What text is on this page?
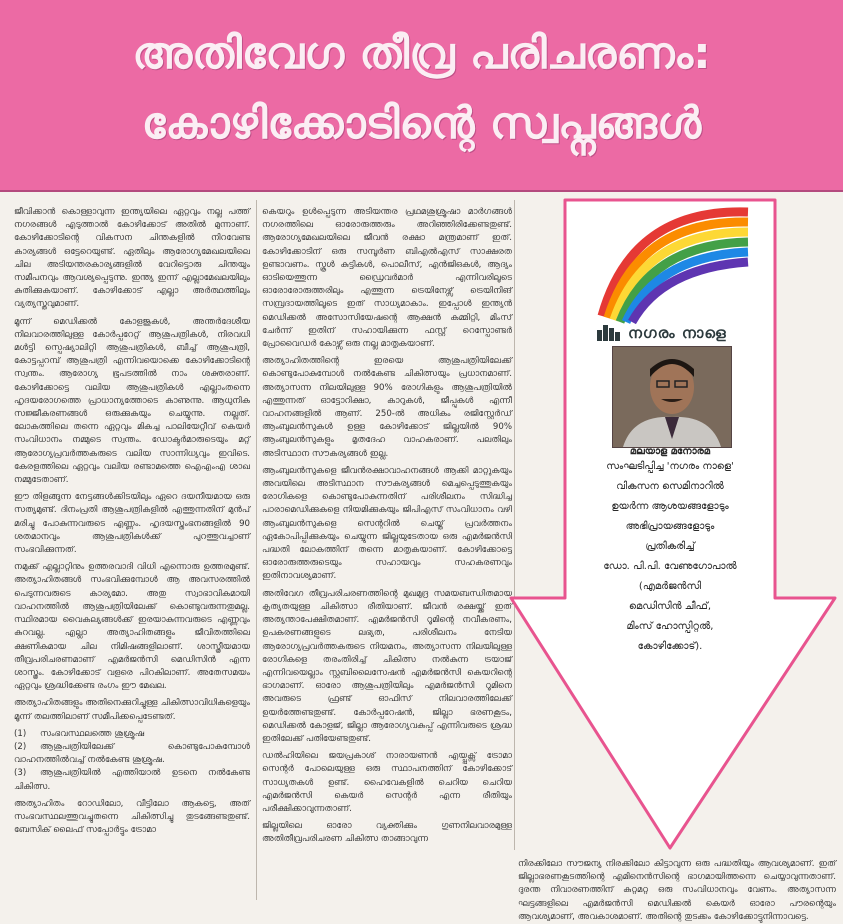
അതിവേഗ തീവ്ര പരിചരണം:
കോഴിക്കോടിന്റെ സ്വപ്നങ്ങൾ

ജീവിക്കാൻ കൊള്ളാവുന്ന ഇന്ത്യയിലെ ഏറ്റവും നല്ല പത്ത് നഗരങ്ങൾ എടുത്താൽ കോഴിക്കോട് അതിൽ മുന്നാണ്. കോഴിക്കോടിന്റെ വികസന ചിന്തകളിൽ നിറവേണ്ട കാര്യങ്ങൾ ഒട്ടേറെയുണ്ട്. ഏതിലും ആരോഗ്യമേഖലയിലെ ചില അടിയന്തരകാര്യങ്ങളിൽ വേറിട്ടൊരു ചിന്തയും സമീപനവും ആവശ്യപ്പെടുന്നു. ഇന്ത്യ ഇന്ന് എല്ലാമേഖലയിലും കുതിക്കുകയാണ്. കോഴിക്കോട് എല്ലാ അർത്ഥത്തിലും വ്യത്യസ്തവുമാണ്.

മൂന്ന് മെഡിക്കൽ കോളജുകൾ, അന്തർദേശീയ നിലവാരത്തിലുള്ള കോർപ്പറേറ്റ് ആശുപത്രികൾ, നിരവധി മൾട്ടി സ്പെഷ്യാലിറ്റി ആശുപത്രികൾ, ബീച്ച് ആശുപത്രി, കോട്ടപ്പറമ്പ് ആശുപത്രി എന്നിവയൊക്കെ കോഴിക്കോടിന്റെ സ്വന്തം. ആരോഗ്യ ഭൂപടത്തിൽ നാം ശക്തരാണ്. കോഴിക്കോട്ടെ വലിയ ആശുപത്രികൾ എല്ലാംതന്നെ ഹൃദയരോഗത്തെ പ്രാധാന്യത്തോടെ കാണുന്നു. ആധുനിക സജ്ജീകരണങ്ങൾ ഒരുക്കുകയും ചെയ്യുന്നു. നല്ലത്. ലോകത്തിലെ തന്നെ ഏറ്റവും മികച്ച പാലിയേറ്റീവ് കെയർ സംവിധാനം നമ്മുടെ സ്വന്തം. ഡോക്ടർമാരുടെയും മറ്റ് ആരോഗ്യപ്രവർത്തകരുടെ വലിയ സാന്നിധ്യവും ഇവിടെ. കേരളത്തിലെ ഏറ്റവും വലിയ രണ്ടാമത്തെ ഐഎംഎ ശാഖ നമ്മുടേതാണ്.

ഈ തിളങ്ങുന്ന നേട്ടങ്ങൾക്കിടയിലും ഏറെ ദയനീയമായ ഒരു സത്യമുണ്ട്. ദിനംപ്രതി ആശുപത്രികളിൽ എത്തുന്നതിന് മുൻപ് മരിച്ചു പോകുന്നവരുടെ എണ്ണം. ഹൃദയസ്തംഭനങ്ങളിൽ 90 ശതമാനവും ആശുപത്രികൾക്ക് പുറത്തുവച്ചാണ് സംഭവിക്കുന്നത്.

നമുക്ക് എല്ലാറ്റിനും ഉത്തരവാദി വിധി എന്നൊരു ഉത്തരമുണ്ട്. അത്യാഹിതങ്ങൾ സംഭവിക്കുമ്പോൾ ആ അവസരത്തിൽ പെടുന്നവരുടെ കാര്യമോ. അതു സ്വാഭാവികമായി വാഹനത്തിൽ ആശുപത്രിയിലേക്ക് കൊണ്ടുവരുന്നതുമല്ല. സ്ഥിരമായ വൈകല്യങ്ങൾക്ക് ഇരയാകുന്നവരുടെ എണ്ണവും കുറവല്ല. എല്ലാ അത്യാഹിതങ്ങളും ജീവിതത്തിലെ ക്ഷണികമായ ചില നിമിഷങ്ങളിലാണ്. ശാസ്ത്രീയമായ തീവ്രപരിചരണമാണ് എമർജൻസി മെഡിസിൻ എന്ന ശാസ്ത്രം. കോഴിക്കോട് വളരെ പിറകിലാണ്. അതേസമയം ഏറ്റവും ശ്രദ്ധിക്കേണ്ട രംഗം ഈ മേഖല.

അത്യാഹിതങ്ങളും അതിനെക്കുറിച്ചുള്ള ചികിത്സാവിധികളെയും മൂന്ന് തലത്തിലാണ് സമീപിക്കപ്പെടേണ്ടത്.

(1) സംഭവസ്ഥലത്തെ ശുശ്രൂഷ
(2) ആശുപത്രിയിലേക്ക് കൊണ്ടുപോകുമ്പോൾ വാഹനത്തിൽവച്ച് നൽകേണ്ട ശുശ്രൂഷ.
(3) ആശുപത്രിയിൽ എത്തിയാൽ ഉടനെ നൽകേണ്ട ചികിത്സ.

അത്യാഹിതം റോഡിലോ, വീട്ടിലോ ആകട്ടെ, അത് സംഭവസ്ഥലത്തുവച്ചുതന്നെ ചികിത്സിച്ചു തുടങ്ങേണ്ടതുണ്ട്. ബേസിക് ലൈഫ് സപ്പോർട്ടും ട്രോമാ

കെയറും ഉൾപ്പെടുന്ന അടിയന്തര പ്രഥമശുശ്രൂഷാ മാർഗങ്ങൾ നഗരത്തിലെ ഓരോരുത്തരും അറിഞ്ഞിരിക്കേണ്ടതുണ്ട്. ആരോഗ്യമേഖലയിലെ ജീവൻ രക്ഷാ മന്ത്രമാണ് ഇത്. കോഴിക്കോടിന് ഒരു സമ്പൂർണ ബിഎൽഎസ് സാക്ഷരത ഉണ്ടാവണം. സ്കൂൾ കുട്ടികൾ, പൊലീസ്, എൻജിഒകൾ, ആദ്യം ഓടിയെത്തുന്ന ഡ്രൈവർമാർ എന്നിവരിലൂടെ ഓരോരോരുത്തരിലും എത്തുന്ന ട്രെയിനേഴ്സ് ട്രെയിനിങ് സമ്പ്രദായത്തിലൂടെ ഇത് സാധ്യമാകാം. ഇപ്പോൾ ഇന്ത്യൻ മെഡിക്കൽ അസോസിയേഷന്റെ ആക്ഷൻ കമ്മിറ്റി, മിംസ് ചേർന്ന് ഇതിന് സഹായിക്കുന്ന ഫസ്റ്റ് റെസ്പോണ്ടർ പ്രോവൈഡർ കോഴ്സ് ഒരു നല്ല മാതൃകയാണ്.

അത്യാഹിതത്തിന്റെ ഇരയെ ആശുപത്രിയിലേക്ക് കൊണ്ടുപോകുമ്പോൾ നൽകേണ്ട ചികിത്സയും പ്രധാനമാണ്. അത്യാസന്ന നിലയിലുള്ള 90% രോഗികളും ആശുപത്രിയിൽ എത്തുന്നത് ഓട്ടോറിക്ഷാ, കാറുകൾ, ജീപ്പുകൾ എന്നീ വാഹനങ്ങളിൽ ആണ്. 250-ൽ അധികം രജിസ്റ്റേർഡ് ആംബുലൻസുകൾ ഉള്ള കോഴിക്കോട് ജില്ലയിൽ 90% ആംബുലൻസുകളും മൃതദേഹ വാഹകരാണ്. പലതിലും അടിസ്ഥാന സൗകര്യങ്ങൾ ഇല്ല.

ആംബുലൻസുകളെ ജീവൻരക്ഷാവാഹനങ്ങൾ ആക്കി മാറ്റുകയും അവയിലെ അടിസ്ഥാന സൗകര്യങ്ങൾ മെച്ചപ്പെടുത്തുകയും രോഗികളെ കൊണ്ടുപോകുന്നതിന് പരിശീലനം സിദ്ധിച്ച പാരാമെഡിക്കുകളെ നിയമിക്കുകയും ജിപിഎസ് സംവിധാനം വഴി ആംബുലൻസുകളെ സെന്ററിൽ ചെയ്ത് പ്രവർത്തനം ഏകോപിപ്പിക്കുകയും ചെയ്യുന്ന ജില്ലയുടേതായ ഒരു എമർജൻസി പദ്ധതി ലോകത്തിന് തന്നെ മാതൃകയാണ്. കോഴിക്കോട്ടെ ഓരോരുത്തരുടെയും സഹായവും സഹകരണവും ഇതിനാവശ്യമാണ്.

അതിവേഗ തീവ്രപരിചരണത്തിന്റെ മുഖമുദ്ര സമയബന്ധിതമായ കൃത്യതയുള്ള ചികിത്സാ രീതിയാണ്. ജീവൻ രക്ഷയ്ക്ക് ഇത് അത്യന്താപേക്ഷിതമാണ്. എമർജൻസി റൂമിന്റെ നവീകരണം, ഉപകരണങ്ങളുടെ ലഭ്യത, പരിശീലനം നേടിയ ആരോഗ്യപ്രവർത്തകരുടെ നിയമനം, അത്യാസന്ന നിലയിലുള്ള രോഗികളെ തരംതിരിച്ച് ചികിത്സ നൽകുന്ന ട്രയാജ് എന്നിവയെല്ലാം സ്റ്റബിലൈസേഷൻ എമർജൻസി കെയറിന്റെ ഭാഗമാണ്. ഓരോ ആശുപത്രിയിലും എമർജൻസി റൂമിനെ അവരുടെ ഫ്രണ്ട് ഓഫിസ് നിലവാരത്തിലേക്ക് ഉയർത്തേണ്ടതുണ്ട്. കോർപ്പറേഷൻ, ജില്ലാ ഭരണകൂടം, മെഡിക്കൽ കോളജ്, ജില്ലാ ആരോഗ്യവകുപ്പ് എന്നിവരുടെ ശ്രദ്ധ ഇതിലേക്ക് പതിയേണ്ടതുണ്ട്.

ഡൽഹിയിലെ ജയപ്രകാശ് നാരായണൻ എയ്പ്പക്സ് ട്രോമാ സെന്റർ പോലെയുള്ള ഒരു സ്ഥാപനത്തിന് കോഴിക്കോട് സാധ്യതകൾ ഉണ്ട്. ഹൈവേകളിൽ ചെറിയ ചെറിയ എമർജൻസി കെയർ സെന്റർ എന്ന രീതിയും പരീക്ഷിക്കാവുന്നതാണ്.

ജില്ലയിലെ ഓരോ വ്യക്തിക്കും ഗുണനിലവാരമുള്ള അതിതീവ്രപരിചരണ ചികിത്സ താങ്ങാവുന്ന

നഗരം നാളെ
മലയാള മനോരമ
സംഘടിപ്പിച്ച 'നഗരം നാളെ'
വികസന സെമിനാറിൽ
ഉയർന്ന ആശയങ്ങളോടും
അഭിപ്രായങ്ങളോടും
പ്രതികരിച്ച്
ഡോ. പി.പി. വേണുഗോപാൽ
(എമർജൻസി
മെഡിസിൻ ചീഫ്,
മിംസ് ഹോസ്പിറ്റൽ,
കോഴിക്കോട്).

നിരക്കിലോ സൗജന്യ നിരക്കിലോ കിട്ടാവുന്ന ഒരു പദ്ധതിയും ആവശ്യമാണ്. ഇത് ജില്ലാഭരണകൂടത്തിന്റെ എമിനെൻസിന്റെ ഭാഗമായിത്തന്നെ ചെയ്യാവുന്നതാണ്. ദുരന്ത നിവാരണത്തിന് കുറ്റമറ്റ ഒരു സംവിധാനവും വേണം. അത്യാസന്ന ഘട്ടങ്ങളിലെ എമർജൻസി മെഡിക്കൽ കെയർ ഓരോ പൗരന്റെയും ആവശ്യമാണ്, അവകാശമാണ്. അതിന്റെ തുടക്കം കോഴിക്കോട്ടുനിന്നാവട്ടെ.
